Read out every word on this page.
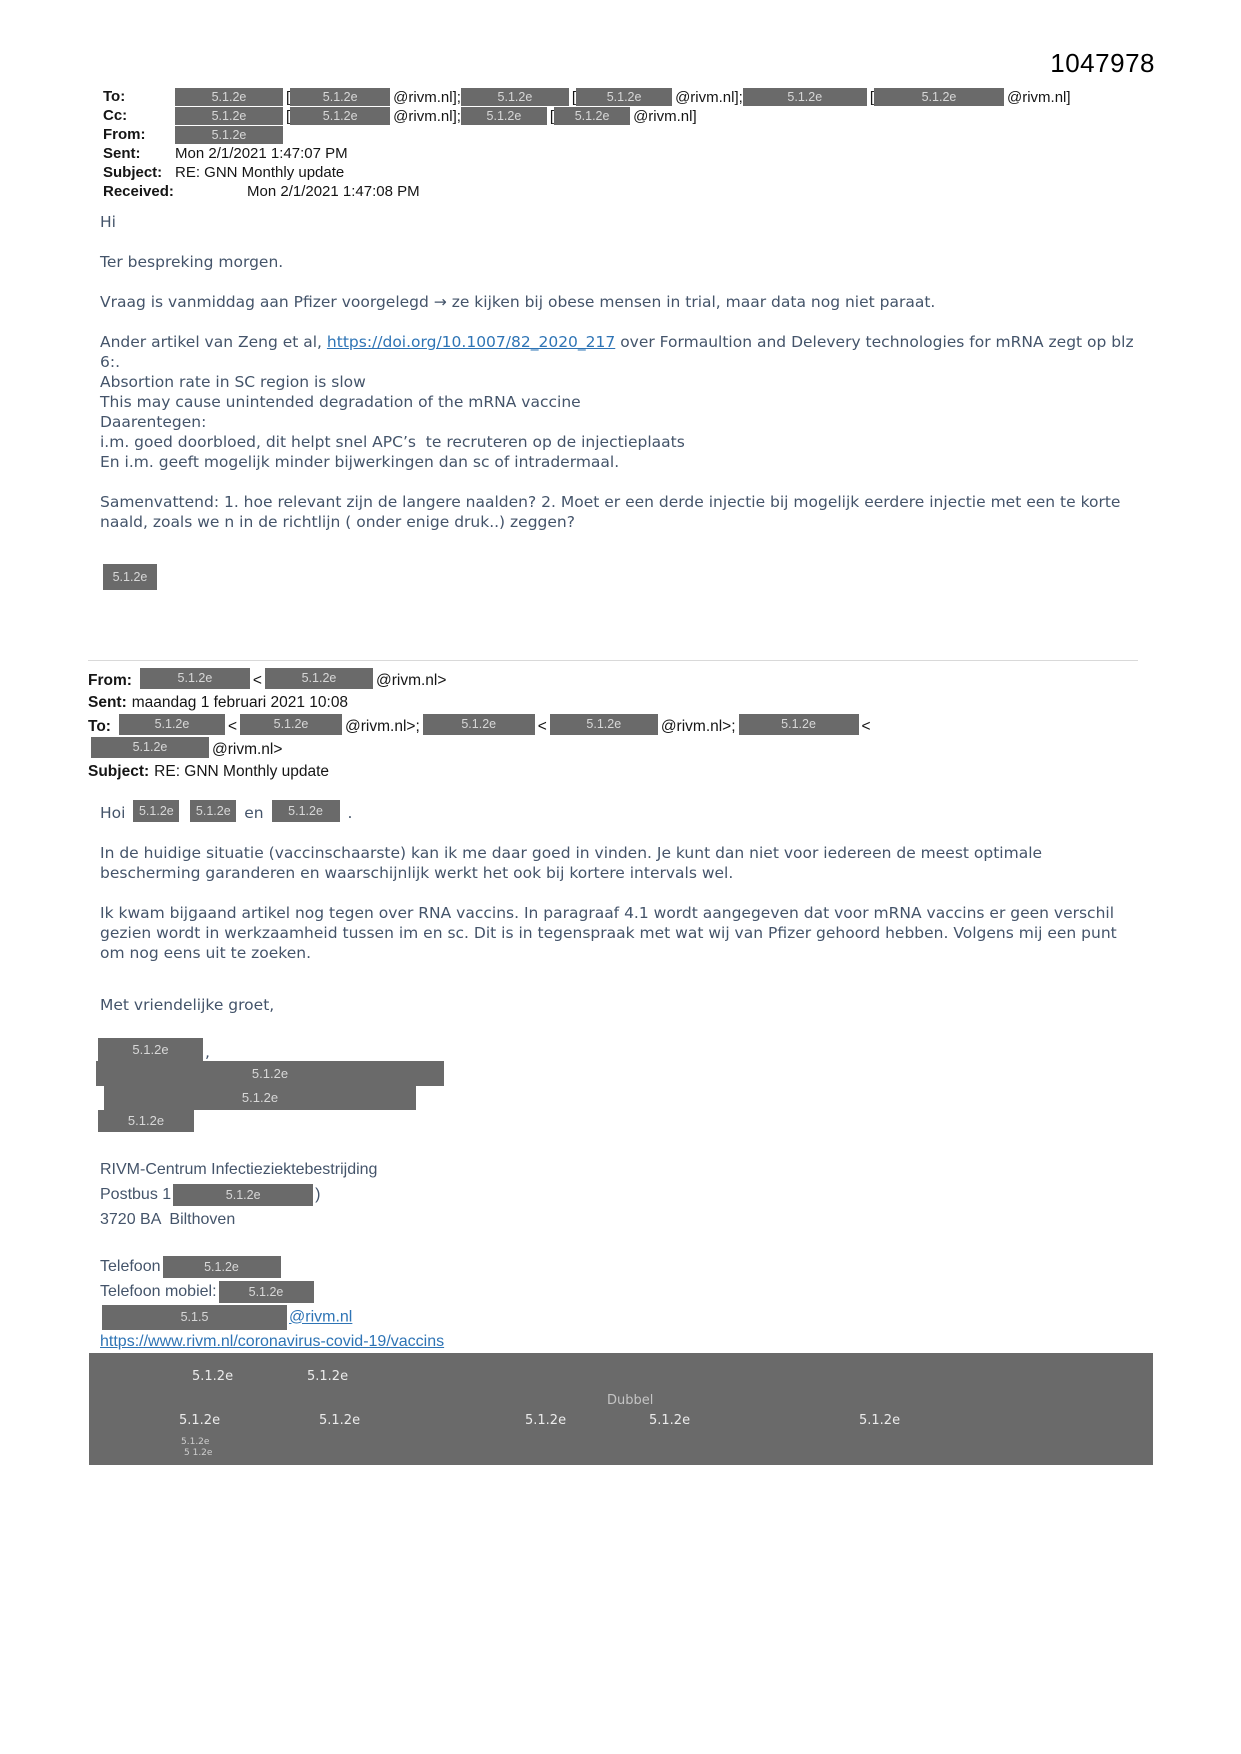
1047978
To:	5.1.2e	[	5.1.2e @rivm.nl];	5.1.2e	[ 5.1.2e @rivm.nl];	5.1.2e	[	5.1.2e	@rivm.nl]
Cc:	5.1.2e	[	5.1.2e @rivm.nl]; 5.1.2e [ 5.1.2e @rivm.nl]
From:	5.1.2e
Sent:	Mon 2/1/2021 1:47:07 PM
Subject: RE: GNN Monthly update
Received:	Mon 2/1/2021 1:47:08 PM
Hi
Ter bespreking morgen.
Vraag is vanmiddag aan Pfizer voorgelegd → ze kijken bij obese mensen in trial, maar data nog niet paraat.
Ander artikel van Zeng et al, https://doi.org/10.1007/82_2020_217 over Formaultion and Delevery technologies for mRNA zegt op blz 6:.
Absortion rate in SC region is slow
This may cause unintended degradation of the mRNA vaccine
Daarentegen:
i.m. goed doorbloed, dit helpt snel APC’s  te recruteren op de injectieplaats
En i.m. geeft mogelijk minder bijwerkingen dan sc of intradermaal.
Samenvattend: 1. hoe relevant zijn de langere naalden? 2. Moet er een derde injectie bij mogelijk eerdere injectie met een te korte naald, zoals we n in de richtlijn ( onder enige druk..) zeggen?
5.1.2e
From:	5.1.2e	<	5.1.2e	@rivm.nl>
Sent: maandag 1 februari 2021 10:08
To:	5.1.2e <	5.1.2e @rivm.nl>;	5.1.2e	<	5.1.2e	@rivm.nl>;	5.1.2e	<5.1.2e	@rivm.nl>
Subject: RE: GNN Monthly update
Hoi 5.1.2e 5.1.2e en 5.1.2e .
In de huidige situatie (vaccinschaarste) kan ik me daar goed in vinden. Je kunt dan niet voor iedereen de meest optimale bescherming garanderen en waarschijnlijk werkt het ook bij kortere intervals wel.
Ik kwam bijgaand artikel nog tegen over RNA vaccins. In paragraaf 4.1 wordt aangegeven dat voor mRNA vaccins er geen verschil gezien wordt in werkzaamheid tussen im en sc. Dit is in tegenspraak met wat wij van Pfizer gehoord hebben. Volgens mij een punt om nog eens uit te zoeken.
Met vriendelijke groet,
5.1.2e	,
5.1.2e
5.1.2e
5.1.2e
RIVM-Centrum Infectieziektebestrijding
Postbus 1	5.1.2e	)
3720 BA  Bilthoven
Telefoon	5.1.2e
Telefoon mobiel:	5.1.2e
5.1.5	@rivm.nl
https://www.rivm.nl/coronavirus-covid-19/vaccins
5.1.2e	5.1.2e
Dubbel
5.1.2e	5.1.2e	5.1.2e	5.1.2e	5.1.2e
5.1.2e
5 1.2e
